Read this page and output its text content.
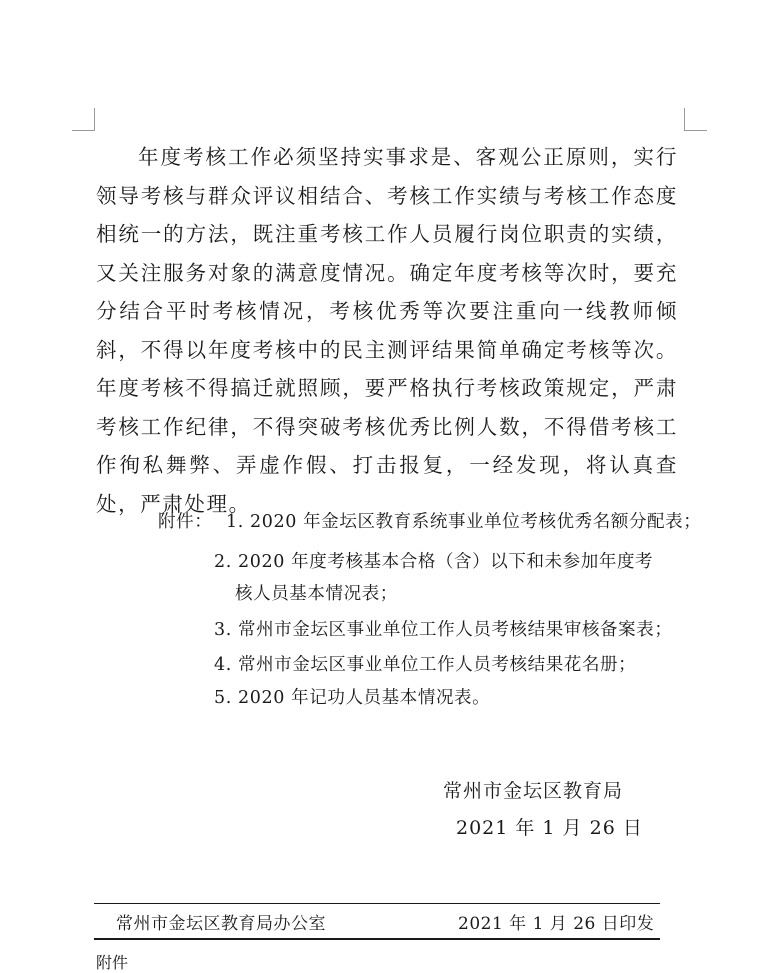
年度考核工作必须坚持实事求是、客观公正原则，实行领导考核与群众评议相结合、考核工作实绩与考核工作态度相统一的方法，既注重考核工作人员履行岗位职责的实绩，又关注服务对象的满意度情况。确定年度考核等次时，要充分结合平时考核情况，考核优秀等次要注重向一线教师倾斜，不得以年度考核中的民主测评结果简单确定考核等次。年度考核不得搞迁就照顾，要严格执行考核政策规定，严肃考核工作纪律，不得突破考核优秀比例人数，不得借考核工作徇私舞弊、弄虚作假、打击报复，一经发现，将认真查处，严肃处理。

附件： 1. 2020 年金坛区教育系统事业单位考核优秀名额分配表；
2. 2020 年度考核基本合格（含）以下和未参加年度考
核人员基本情况表；
3. 常州市金坛区事业单位工作人员考核结果审核备案表；
4. 常州市金坛区事业单位工作人员考核结果花名册；
5. 2020 年记功人员基本情况表。
常州市金坛区教育局
2021 年 1 月 26 日
常州市金坛区教育局办公室	2021 年 1 月 26 日印发
附件
